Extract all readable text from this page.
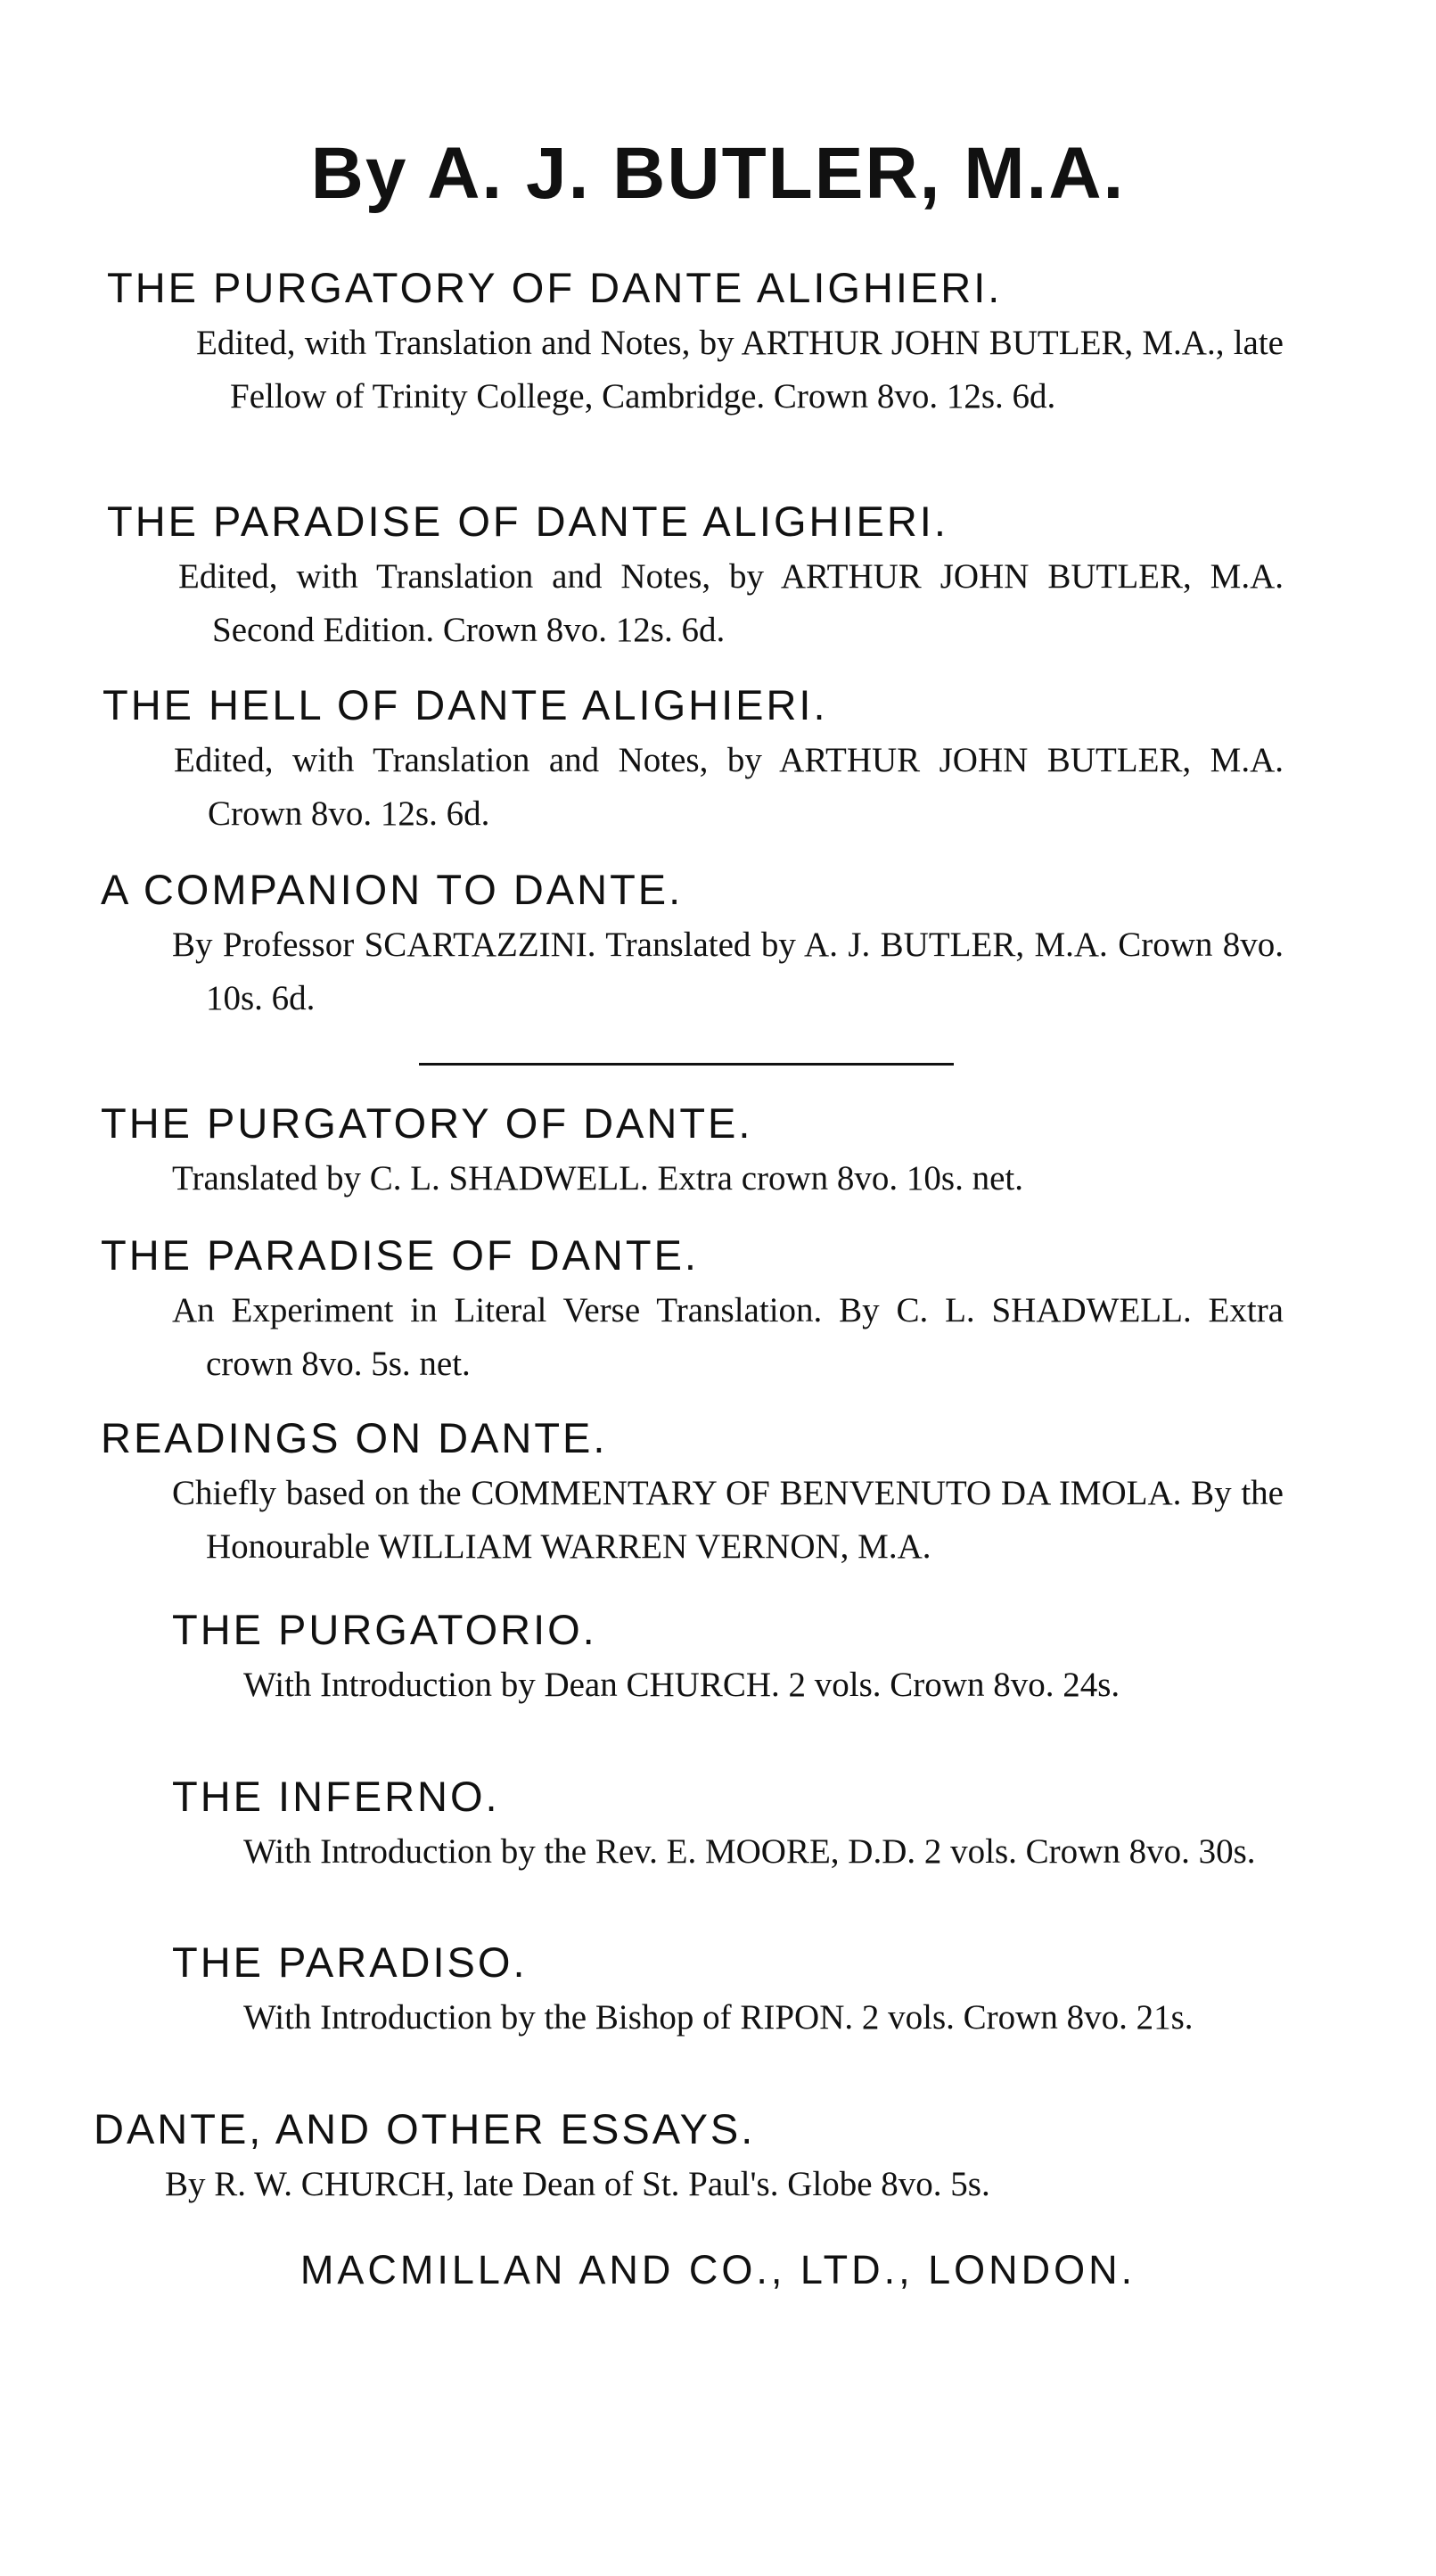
By A. J. BUTLER, M.A.

THE PURGATORY OF DANTE ALIGHIERI.

Edited, with Translation and Notes, by ARTHUR JOHN BUTLER, M.A., late Fellow of Trinity College, Cambridge. Crown 8vo. 12s. 6d.

THE PARADISE OF DANTE ALIGHIERI.

Edited, with Translation and Notes, by ARTHUR JOHN BUTLER, M.A. Second Edition. Crown 8vo. 12s. 6d.

THE HELL OF DANTE ALIGHIERI.

Edited, with Translation and Notes, by ARTHUR JOHN BUTLER, M.A. Crown 8vo. 12s. 6d.

A COMPANION TO DANTE.

By Professor SCARTAZZINI. Translated by A. J. BUTLER, M.A. Crown 8vo. 10s. 6d.

THE PURGATORY OF DANTE.

Translated by C. L. SHADWELL. Extra crown 8vo. 10s. net.

THE PARADISE OF DANTE.

An Experiment in Literal Verse Translation. By C. L. SHADWELL. Extra crown 8vo. 5s. net.

READINGS ON DANTE.

Chiefly based on the COMMENTARY OF BENVENUTO DA IMOLA. By the Honourable WILLIAM WARREN VERNON, M.A.

THE PURGATORIO.

With Introduction by Dean CHURCH. 2 vols. Crown 8vo. 24s.

THE INFERNO.

With Introduction by the Rev. E. MOORE, D.D. 2 vols. Crown 8vo. 30s.

THE PARADISO.

With Introduction by the Bishop of RIPON. 2 vols. Crown 8vo. 21s.

DANTE, AND OTHER ESSAYS.

By R. W. CHURCH, late Dean of St. Paul's. Globe 8vo. 5s.

MACMILLAN AND CO., LTD., LONDON.
